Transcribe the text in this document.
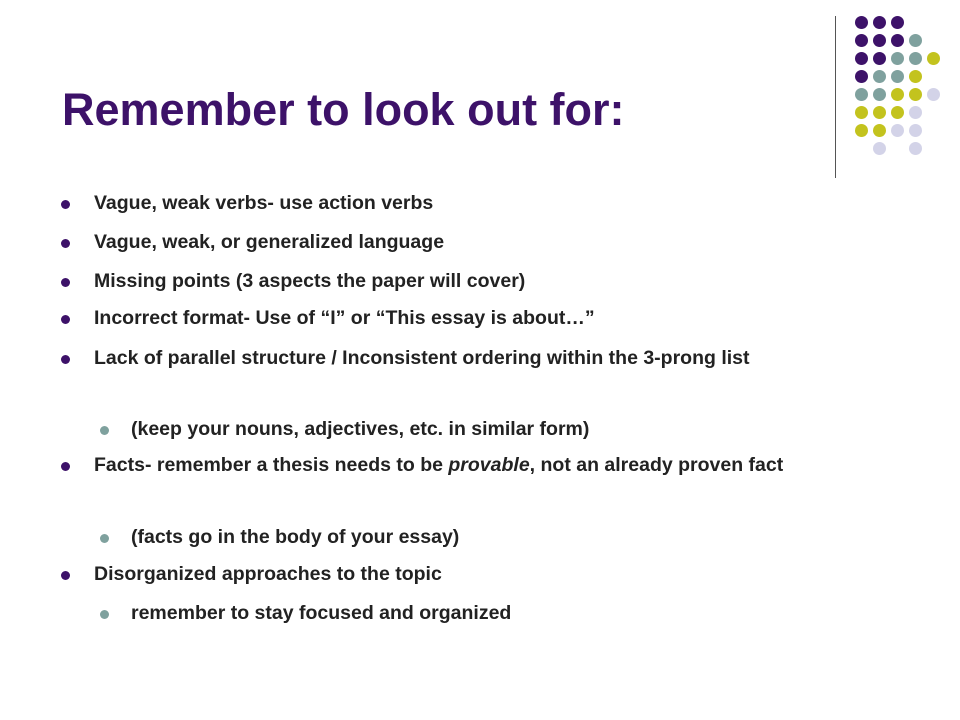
Remember to look out for:
Vague, weak verbs- use action verbs
Vague, weak, or generalized language
Missing points (3 aspects the paper will cover)
Incorrect format- Use of “I” or “This essay is about…”
Lack of parallel structure / Inconsistent ordering within the 3-prong list
(keep your nouns, adjectives, etc. in similar form)
Facts- remember a thesis needs to be provable, not an already proven fact
(facts go in the body of your essay)
Disorganized approaches to the topic
remember to stay focused and organized
